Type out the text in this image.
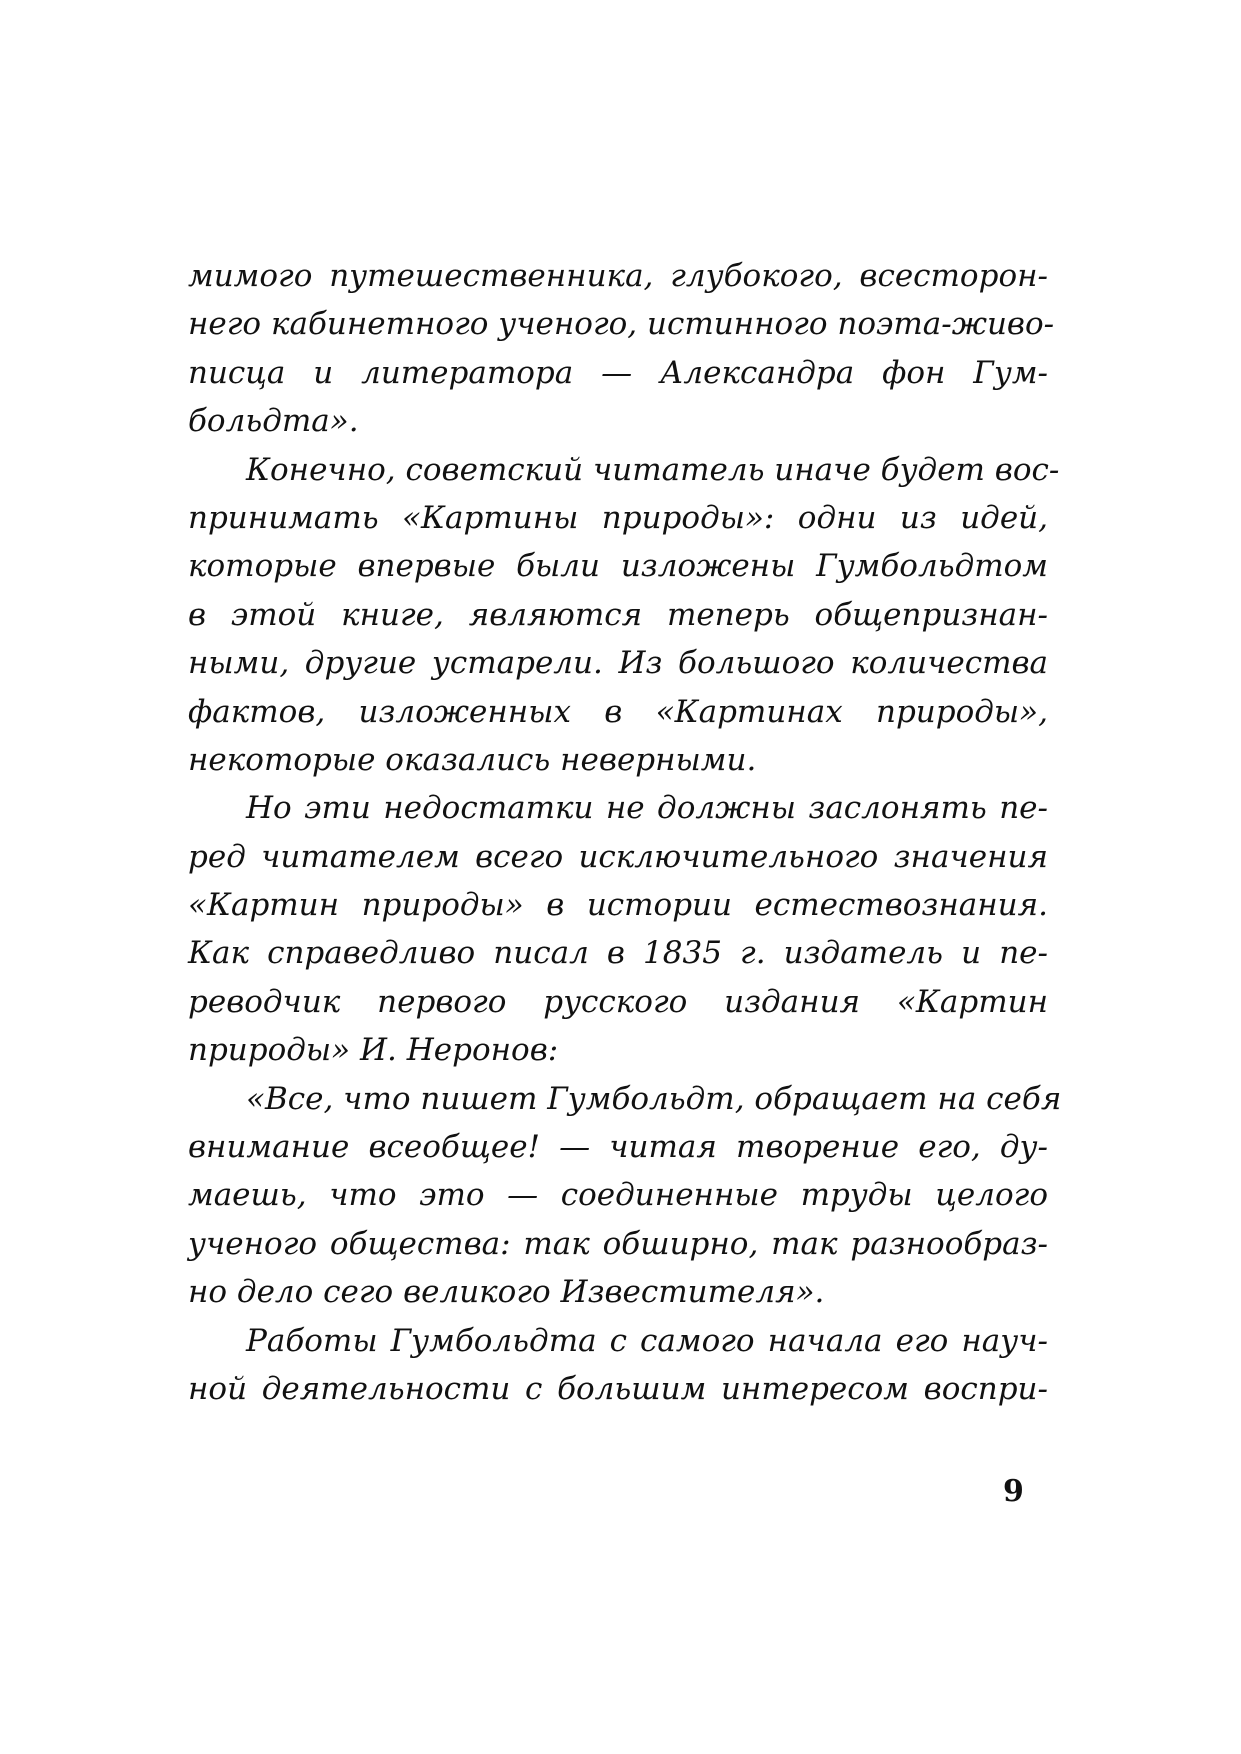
мимого путешественника, глубокого, всесторон-
него кабинетного ученого, истинного поэта-живо-
писца и литератора — Александра фон Гум-
больдта».
Конечно, советский читатель иначе будет вос-
принимать «Картины природы»: одни из идей,
которые впервые были изложены Гумбольдтом
в этой книге, являются теперь общепризнан-
ными, другие устарели. Из большого количества
фактов, изложенных в «Картинах природы»,
некоторые оказались неверными.
Но эти недостатки не должны заслонять пе-
ред читателем всего исключительного значения
«Картин природы» в истории естествознания.
Как справедливо писал в 1835 г. издатель и пе-
реводчик первого русского издания «Картин
природы» И. Неронов:
«Все, что пишет Гумбольдт, обращает на себя
внимание всеобщее! — читая творение его, ду-
маешь, что это — соединенные труды целого
ученого общества: так обширно, так разнообраз-
но дело сего великого Известителя».
Работы Гумбольдта с самого начала его науч-
ной деятельности с большим интересом воспри-
9
